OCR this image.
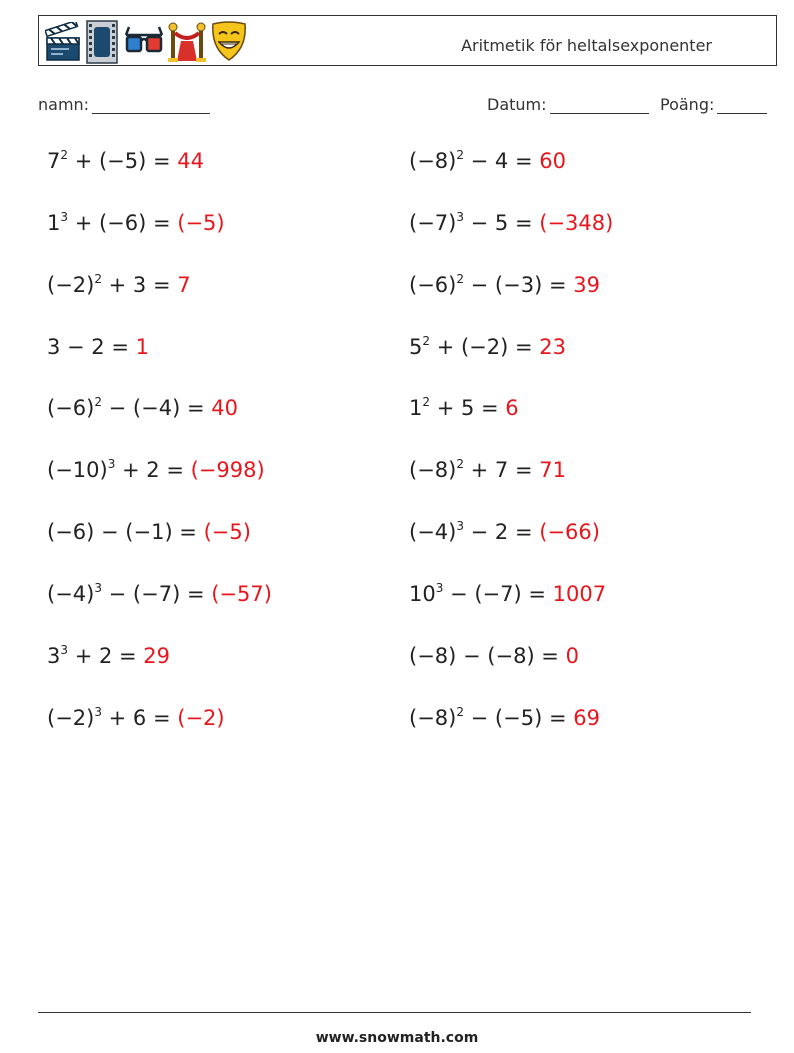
Aritmetik för heltalsexponenter
namn:	Datum:	Poäng:
$7^2 + (-5) = 44$	$(-8)^2 - 4 = 60$
$1^3 + (-6) = (-5)$	$(-7)^3 - 5 = (-348)$
$(-2)^2 + 3 = 7$	$(-6)^2 - (-3) = 39$
3 − 2 = 1	$5^2 + (-2) = 23$
$(-6)^2 - (-4) = 40$	$1^2 + 5 = 6$
$(-10)^3 + 2 = (-998)$	$(-8)^2 + 7 = 71$
(−6) − (−1) = (−5)	$(-4)^3 - 2 = (-66)$
$(-4)^3 - (-7) = (-57)$	$10^3 - (-7) = 1007$
$3^3 + 2 = 29$	(−8) − (−8) = 0
$(-2)^3 + 6 = (-2)$	$(-8)^2 - (-5) = 69$
www.snowmath.com
